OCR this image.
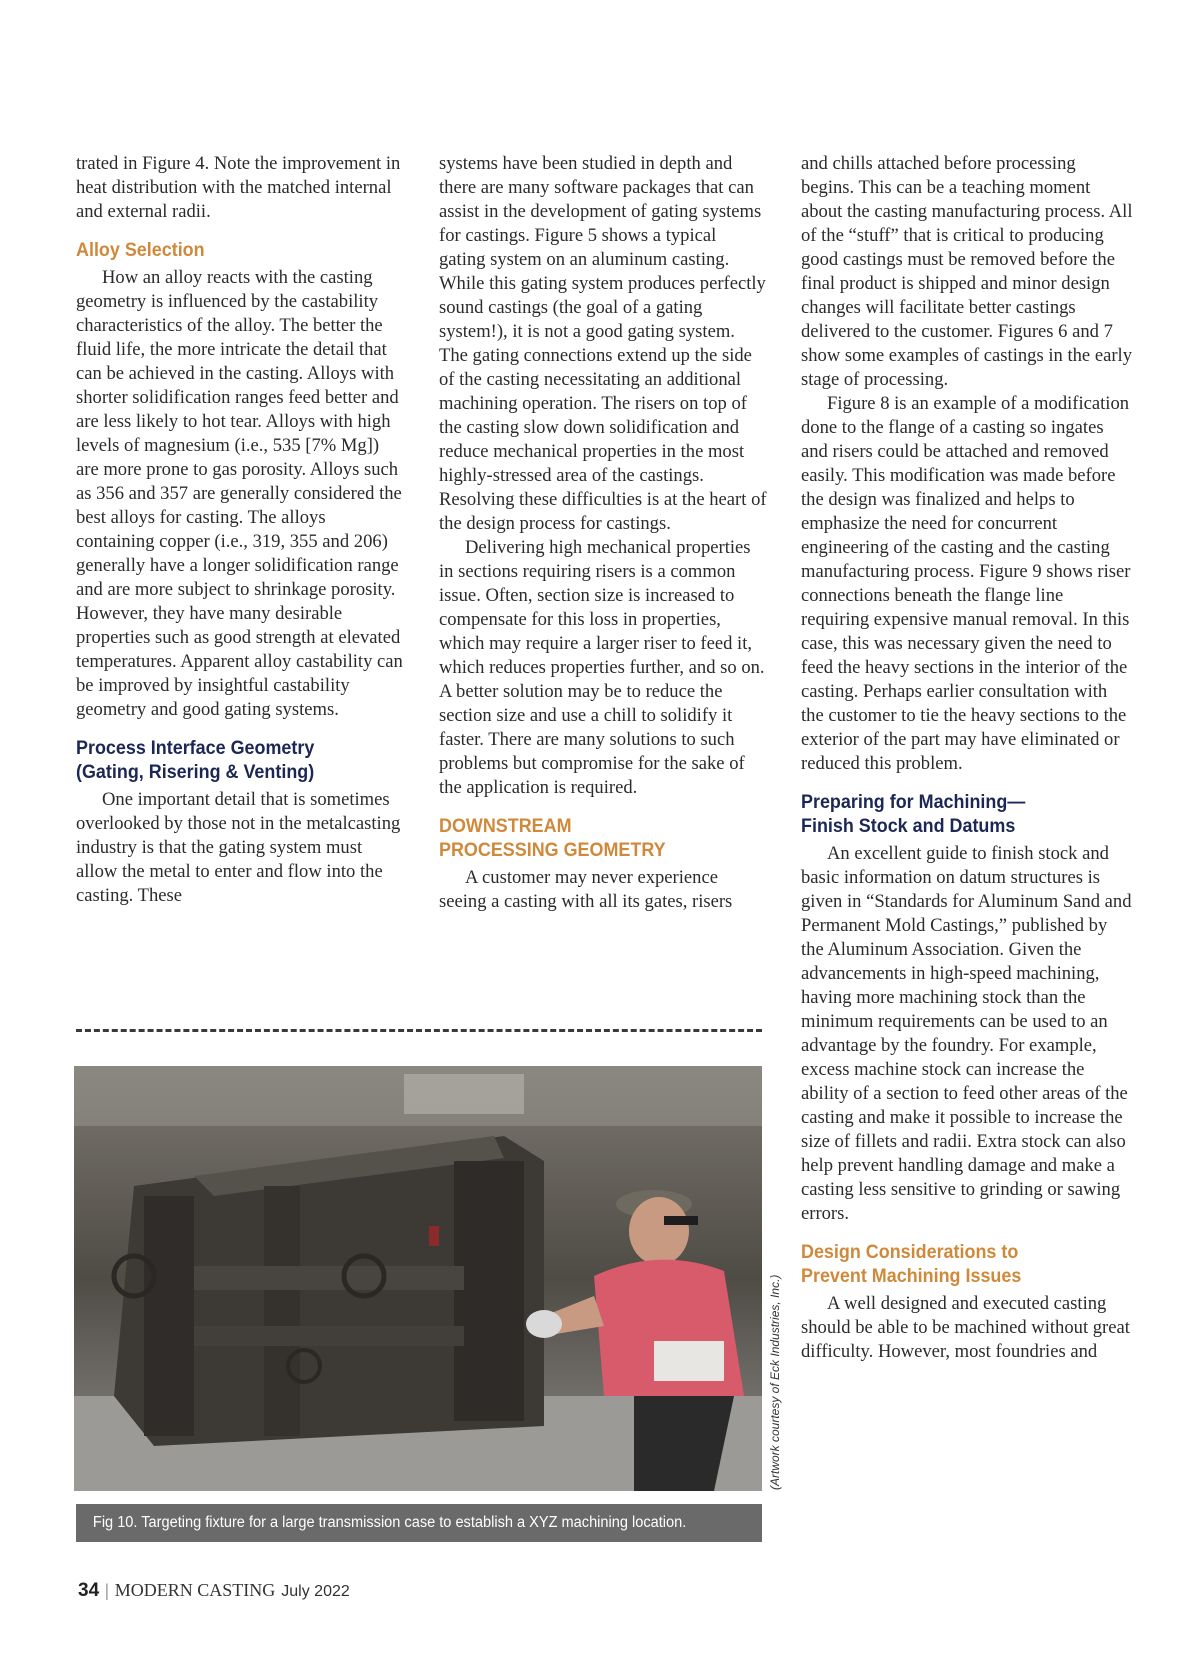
trated in Figure 4. Note the improvement in heat distribution with the matched internal and external radii.

Alloy Selection

How an alloy reacts with the casting geometry is influenced by the castability characteristics of the alloy. The better the fluid life, the more intricate the detail that can be achieved in the casting. Alloys with shorter solidification ranges feed better and are less likely to hot tear. Alloys with high levels of magnesium (i.e., 535 [7% Mg]) are more prone to gas porosity. Alloys such as 356 and 357 are generally considered the best alloys for casting. The alloys containing copper (i.e., 319, 355 and 206) generally have a longer solidification range and are more subject to shrinkage porosity. However, they have many desirable properties such as good strength at elevated temperatures. Apparent alloy castability can be improved by insightful castability geometry and good gating systems.

Process Interface Geometry
(Gating, Risering & Venting)

One important detail that is sometimes overlooked by those not in the metalcasting industry is that the gating system must allow the metal to enter and flow into the casting. These

systems have been studied in depth and there are many software packages that can assist in the development of gating systems for castings. Figure 5 shows a typical gating system on an aluminum casting. While this gating system produces perfectly sound castings (the goal of a gating system!), it is not a good gating system. The gating connections extend up the side of the casting necessitating an additional machining operation. The risers on top of the casting slow down solidification and reduce mechanical properties in the most highly-stressed area of the castings. Resolving these difficulties is at the heart of the design process for castings.

Delivering high mechanical properties in sections requiring risers is a common issue. Often, section size is increased to compensate for this loss in properties, which may require a larger riser to feed it, which reduces properties further, and so on. A better solution may be to reduce the section size and use a chill to solidify it faster. There are many solutions to such problems but compromise for the sake of the application is required.

DOWNSTREAM
PROCESSING GEOMETRY

A customer may never experience seeing a casting with all its gates, risers

and chills attached before processing begins. This can be a teaching moment about the casting manufacturing process. All of the “stuff” that is critical to producing good castings must be removed before the final product is shipped and minor design changes will facilitate better castings delivered to the customer. Figures 6 and 7 show some examples of castings in the early stage of processing.

Figure 8 is an example of a modification done to the flange of a casting so ingates and risers could be attached and removed easily. This modification was made before the design was finalized and helps to emphasize the need for concurrent engineering of the casting and the casting manufacturing process. Figure 9 shows riser connections beneath the flange line requiring expensive manual removal. In this case, this was necessary given the need to feed the heavy sections in the interior of the casting. Perhaps earlier consultation with the customer to tie the heavy sections to the exterior of the part may have eliminated or reduced this problem.

Preparing for Machining—
Finish Stock and Datums

An excellent guide to finish stock and basic information on datum structures is given in “Standards for Aluminum Sand and Permanent Mold Castings,” published by the Aluminum Association. Given the advancements in high-speed machining, having more machining stock than the minimum requirements can be used to an advantage by the foundry. For example, excess machine stock can increase the ability of a section to feed other areas of the casting and make it possible to increase the size of fillets and radii. Extra stock can also help prevent handling damage and make a casting less sensitive to grinding or sawing errors.

Design Considerations to
Prevent Machining Issues

A well designed and executed casting should be able to be machined without great difficulty. However, most foundries and

(Artwork courtesy of Eck Industries, Inc.)
Fig 10. Targeting fixture for a large transmission case to establish a XYZ machining location.
34 | MODERN CASTING July 2022
